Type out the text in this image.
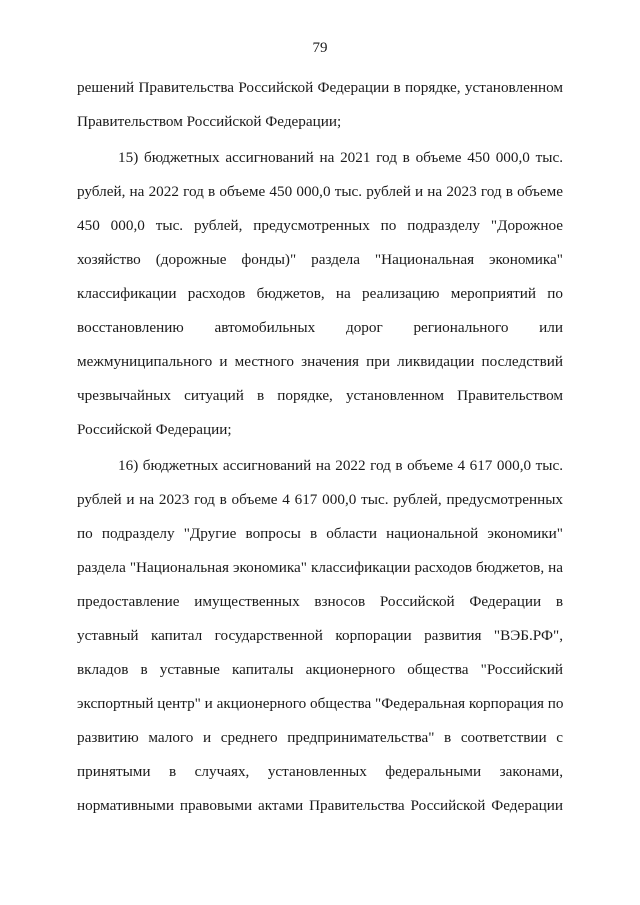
79
решений Правительства Российской Федерации в порядке, установленном
Правительством Российской Федерации;
15) бюджетных ассигнований на 2021 год в объеме 450 000,0 тыс.
рублей, на 2022 год в объеме 450 000,0 тыс. рублей и на 2023 год в объеме
450 000,0 тыс. рублей, предусмотренных по подразделу "Дорожное
хозяйство (дорожные фонды)" раздела "Национальная экономика"
классификации расходов бюджетов, на реализацию мероприятий по
восстановлению автомобильных дорог регионального или
межмуниципального и местного значения при ликвидации последствий
чрезвычайных ситуаций в порядке, установленном Правительством
Российской Федерации;
16) бюджетных ассигнований на 2022 год в объеме 4 617 000,0 тыс.
рублей и на 2023 год в объеме 4 617 000,0 тыс. рублей, предусмотренных
по подразделу "Другие вопросы в области национальной экономики"
раздела "Национальная экономика" классификации расходов бюджетов, на
предоставление имущественных взносов Российской Федерации в
уставный капитал государственной корпорации развития "ВЭБ.РФ",
вкладов в уставные капиталы акционерного общества "Российский
экспортный центр" и акционерного общества "Федеральная корпорация по
развитию малого и среднего предпринимательства" в соответствии с
принятыми в случаях, установленных федеральными законами,
нормативными правовыми актами Правительства Российской Федерации
